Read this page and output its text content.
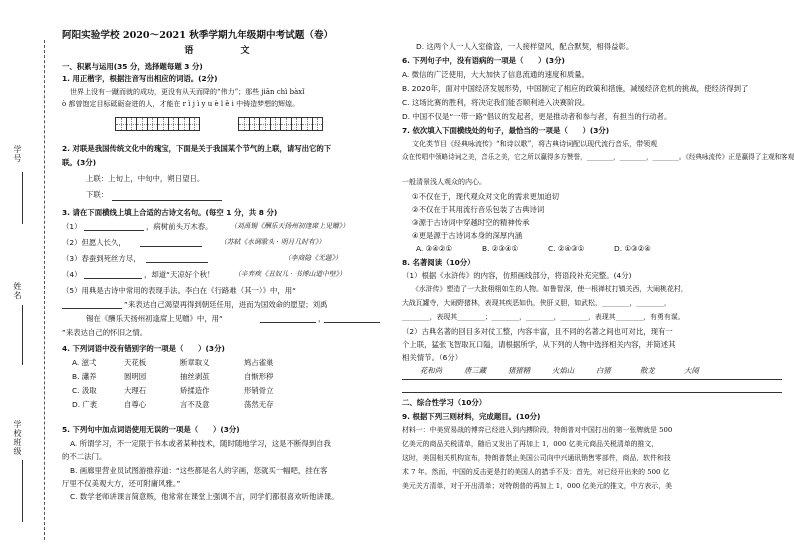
学号
姓名
学校班级
阿阳实验学校 2020～2021 秋季学期九年级期中考试题（卷）
语 文
一、积累与运用(35 分，选择题每题 3 分)
1. 用正楷字，根据注音写出相应的词语。(2分)
世界上没有一蹴而就的成功，更没有从天而降的“伟力”；那些 jiān chì bàxǐ
ò 都曾饱定目标砥砺奋进的人，才能在 r ì j ì y u è l ě i 中铸造梦想的辉煌。
2. 对联是我国传统文化中的瑰宝，下面是关于我国某个节气的上联，请写出它的下
联。(3分)
上联：上旬上，中旬中，朔日望日。
下联：
3. 请在下面横线上填上合适的古诗文名句。(每空 1 分，共 8 分)
（1）	，病树前头万木春。	（刘禹锡《酬乐天扬州初逢席上见赠》）
（2）但愿人长久，	（苏轼《水调歌头 · 明月几时有》）
（3）春蚕到死丝方尽，	（李商隐《无题》）
（4）	，却道“天凉好个秋！	（辛弃疾《丑奴儿 · 书博山道中壁》）
（5）用典是古诗中常用的表现手法。李白在《行路难（其一）》中，用“
”来表达自己渴望再得到朝廷任用，进而为国效命的愿望；刘禹
锡在《酬乐天扬州初逢席上见赠》中，用“	，
”来表达自己的怀旧之情。
4. 下列词语中没有错别字的一项是（　　）(3分)
A. 滋弌	天花板	断章取义	鸠占雀巢
B. 瀟养	圆明园	抽丝剥茧	自惭形秽
C. 汲取	大理石	矫揉造作	形销骨立
D. 广袤	自尊心	言不及意	荡然无存
5. 下列句中加点词语使用无误的一项是（　　）(3分)
A. 所谓学习，不一定限于书本或者某种技术，随时随地学习，这是不断得到自我
的不二法门。
B. 画廊里营业员试图游推荐道：“这些都是名人的字画，您就买一幅吧，挂在客
厅里不仅美观大方，还可附庸风雅。”
C. 数学老师讲课言简意赅，他常常在课堂上强调不言，同学们都很喜欢听他讲课。
D. 这两个人一人入室偷盗，一人接样望风，配合默契，相得益彰。
6. 下列句子中，没有语病的一项是（　　）(3分)
A. 微信的广泛使用，大大加快了信息流通的速度和质量。
B. 2020年，面对中国经济发展形势，中国制定了相应的政策和措施，减缓经济危机的挑战，使经济得到了
C. 这场比赛的胜利，将决定我们能否顺利进入决赛阶段。
D. 中国不仅是“一带一路”倡议的发起者，更是推动者和参与者，有担当的行动者。
7. 依次填入下面横线处的句子，最恰当的一项是（　　）(3分)
文化类节目《经典咏流传》“和诗以歌”，将古典诗词配以现代流行音乐，带领观
众在传唱中领略诗词之美，音乐之美，它之所以赢得多方赞誉，________，________，________。《经典咏流传》正是赢得了主观和客观
一般清景浅人观众的内心。
①不仅在于，现代观众对文化的需求更加迫切
②不仅在于其用流行音乐包装了古典诗词
③源于古诗词中穿越时空的精神传承
④更是源于古诗词本身的深厚内涵
A. ③④②①	B. ②③④①	C. ②④③①	D. ①③②④
8. 名著阅读（10分）
（1）根据《水浒传》的内容，仿照画线部分，将语段补充完整。(4分)
《水浒传》塑造了一大批栩栩如生的人物。如鲁智深，使一根禅杖打镇关西，大闹桃花村，
大战瓦罐寺，大闹野猪林，表现其疾恶如仇，侠肝义胆，如武松，________，________，
________，表现其________；________，________，________，表现其________，有勇有谋。
（2）古典名著的回目多对仗工整，内容丰富，且不同的名著之间也可对比，现有一
个上联，猛张飞智取瓦口隘，请根据所学，从下列的人物中选择相关内容，并简述其
相关情节。（6分）
花和尚	唐三藏	猪猪精	火焰山	白猪	散龙	大闹
二、综合性学习（10分）
9. 根据下列三则材料，完成题目。(10分)
材料一：中美贸易战的博弈已经进入到内搏阶段，特朗普对中国打出的第一张牌就是 500
亿美元的商品关税清单，随后又发出了再加上 1，000 亿美元商品关税清单的推文，
这时，美国相关机构宣布，特朗普禁止美国公司向中兴通讯销售零部件，商品，软件和技
术 7 年。然而，中国的反击更是打的美国人的措手不及：首先，对已经开出来的 500 亿
美元关方清单，对于开出清单；对特朗普的再加上 1，000 亿美元的推文，中方表示，美
